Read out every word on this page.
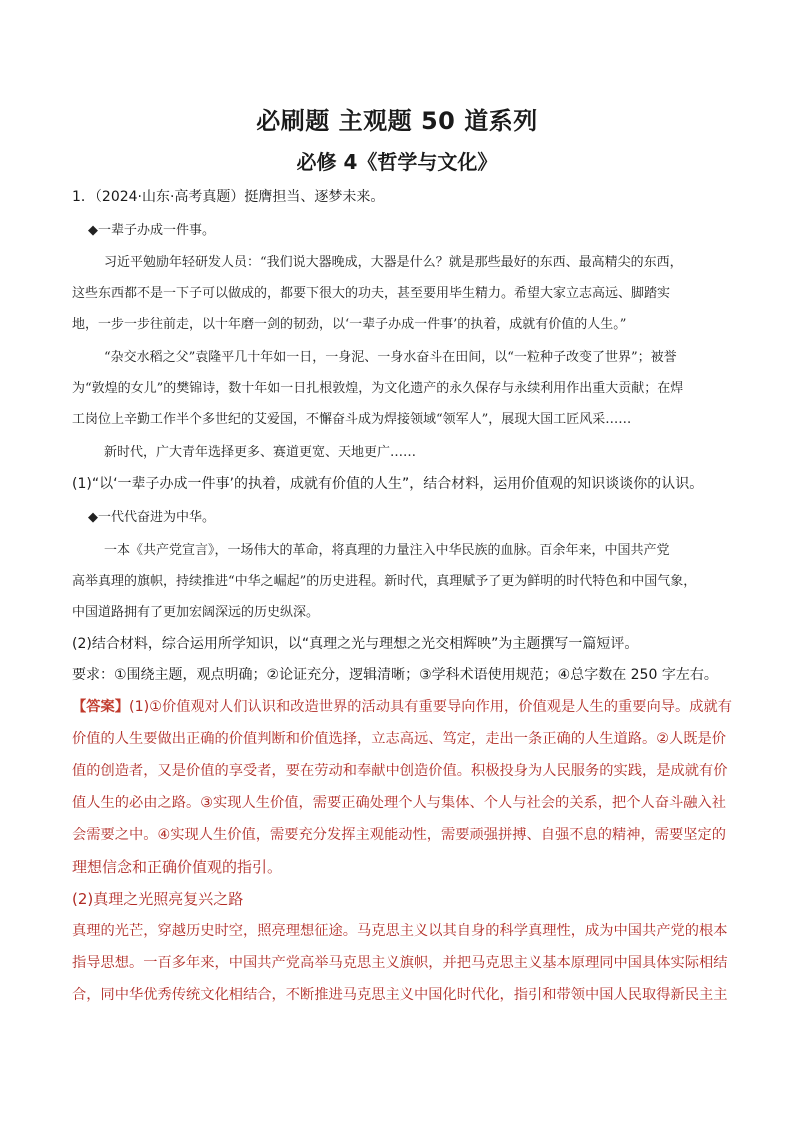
必刷题 主观题 50 道系列
必修 4《哲学与文化》
1．（2024·山东·高考真题）挺膺担当、逐梦未来。
◆一辈子办成一件事。
习近平勉励年轻研发人员：“我们说大器晚成，大器是什么？就是那些最好的东西、最高精尖的东西，
这些东西都不是一下子可以做成的，都要下很大的功夫，甚至要用毕生精力。希望大家立志高远、脚踏实
地，一步一步往前走，以十年磨一剑的韧劲，以‘一辈子办成一件事’的执着，成就有价值的人生。”
“杂交水稻之父”袁隆平几十年如一日，一身泥、一身水奋斗在田间，以“一粒种子改变了世界”；被誉
为“敦煌的女儿”的樊锦诗，数十年如一日扎根敦煌，为文化遗产的永久保存与永续利用作出重大贡献；在焊
工岗位上辛勤工作半个多世纪的艾爱国，不懈奋斗成为焊接领域“领军人”，展现大国工匠风采……
新时代，广大青年选择更多、赛道更宽、天地更广……
(1)“以‘一辈子办成一件事’的执着，成就有价值的人生”，结合材料，运用价值观的知识谈谈你的认识。
◆一代代奋进为中华。
一本《共产党宣言》，一场伟大的革命，将真理的力量注入中华民族的血脉。百余年来，中国共产党
高举真理的旗帜，持续推进“中华之崛起”的历史进程。新时代，真理赋予了更为鲜明的时代特色和中国气象，
中国道路拥有了更加宏阔深远的历史纵深。
(2)结合材料，综合运用所学知识，以“真理之光与理想之光交相辉映”为主题撰写一篇短评。
要求：①围绕主题，观点明确；②论证充分，逻辑清晰；③学科术语使用规范；④总字数在 250 字左右。
【答案】(1)①价值观对人们认识和改造世界的活动具有重要导向作用，价值观是人生的重要向导。成就有
价值的人生要做出正确的价值判断和价值选择，立志高远、笃定，走出一条正确的人生道路。②人既是价
值的创造者，又是价值的享受者，要在劳动和奉献中创造价值。积极投身为人民服务的实践，是成就有价
值人生的必由之路。③实现人生价值，需要正确处理个人与集体、个人与社会的关系，把个人奋斗融入社
会需要之中。④实现人生价值，需要充分发挥主观能动性，需要顽强拼搏、自强不息的精神，需要坚定的
理想信念和正确价值观的指引。
(2)真理之光照亮复兴之路
真理的光芒，穿越历史时空，照亮理想征途。马克思主义以其自身的科学真理性，成为中国共产党的根本
指导思想。一百多年来，中国共产党高举马克思主义旗帜，并把马克思主义基本原理同中国具体实际相结
合，同中华优秀传统文化相结合，不断推进马克思主义中国化时代化，指引和带领中国人民取得新民主主
